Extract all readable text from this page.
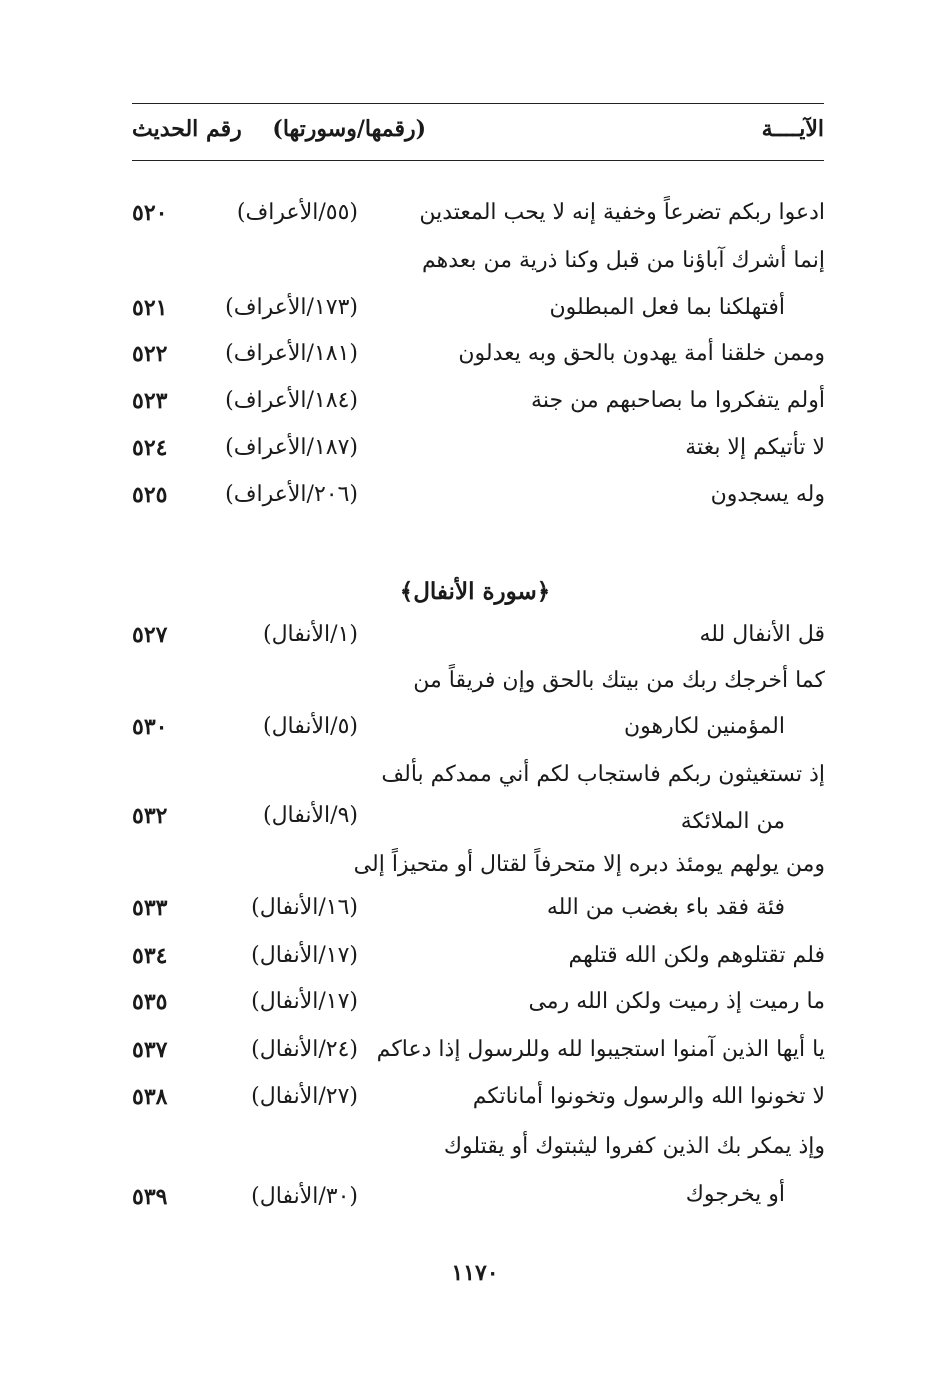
الآيــــة
(رقمها/وسورتها)
رقم الحديث
ادعوا ربكم تضرعاً وخفية إنه لا يحب المعتدين
(٥٥/الأعراف)
٥٢٠
إنما أشرك آباؤنا من قبل وكنا ذرية من بعدهم
أفتهلكنا بما فعل المبطلون
(١٧٣/الأعراف)
٥٢١
وممن خلقنا أمة يهدون بالحق وبه يعدلون
(١٨١/الأعراف)
٥٢٢
أولم يتفكروا ما بصاحبهم من جنة
(١٨٤/الأعراف)
٥٢٣
لا تأتيكم إلا بغتة
(١٨٧/الأعراف)
٥٢٤
وله يسجدون
(٢٠٦/الأعراف)
٥٢٥
﴿سورة الأنفال﴾
قل الأنفال لله
(١/الأنفال)
٥٢٧
كما أخرجك ربك من بيتك بالحق وإن فريقاً من
المؤمنين لكارهون
(٥/الأنفال)
٥٣٠
إذ تستغيثون ربكم فاستجاب لكم أني ممدكم بألف
من الملائكة
(٩/الأنفال)
٥٣٢
ومن يولهم يومئذ دبره إلا متحرفاً لقتال أو متحيزاً إلى
فئة فقد باء بغضب من الله
(١٦/الأنفال)
٥٣٣
فلم تقتلوهم ولكن الله قتلهم
(١٧/الأنفال)
٥٣٤
ما رميت إذ رميت ولكن الله رمى
(١٧/الأنفال)
٥٣٥
يا أيها الذين آمنوا استجيبوا لله وللرسول إذا دعاكم
(٢٤/الأنفال)
٥٣٧
لا تخونوا الله والرسول وتخونوا أماناتكم
(٢٧/الأنفال)
٥٣٨
وإذ يمكر بك الذين كفروا ليثبتوك أو يقتلوك
أو يخرجوك
(٣٠/الأنفال)
٥٣٩
١١٧٠
